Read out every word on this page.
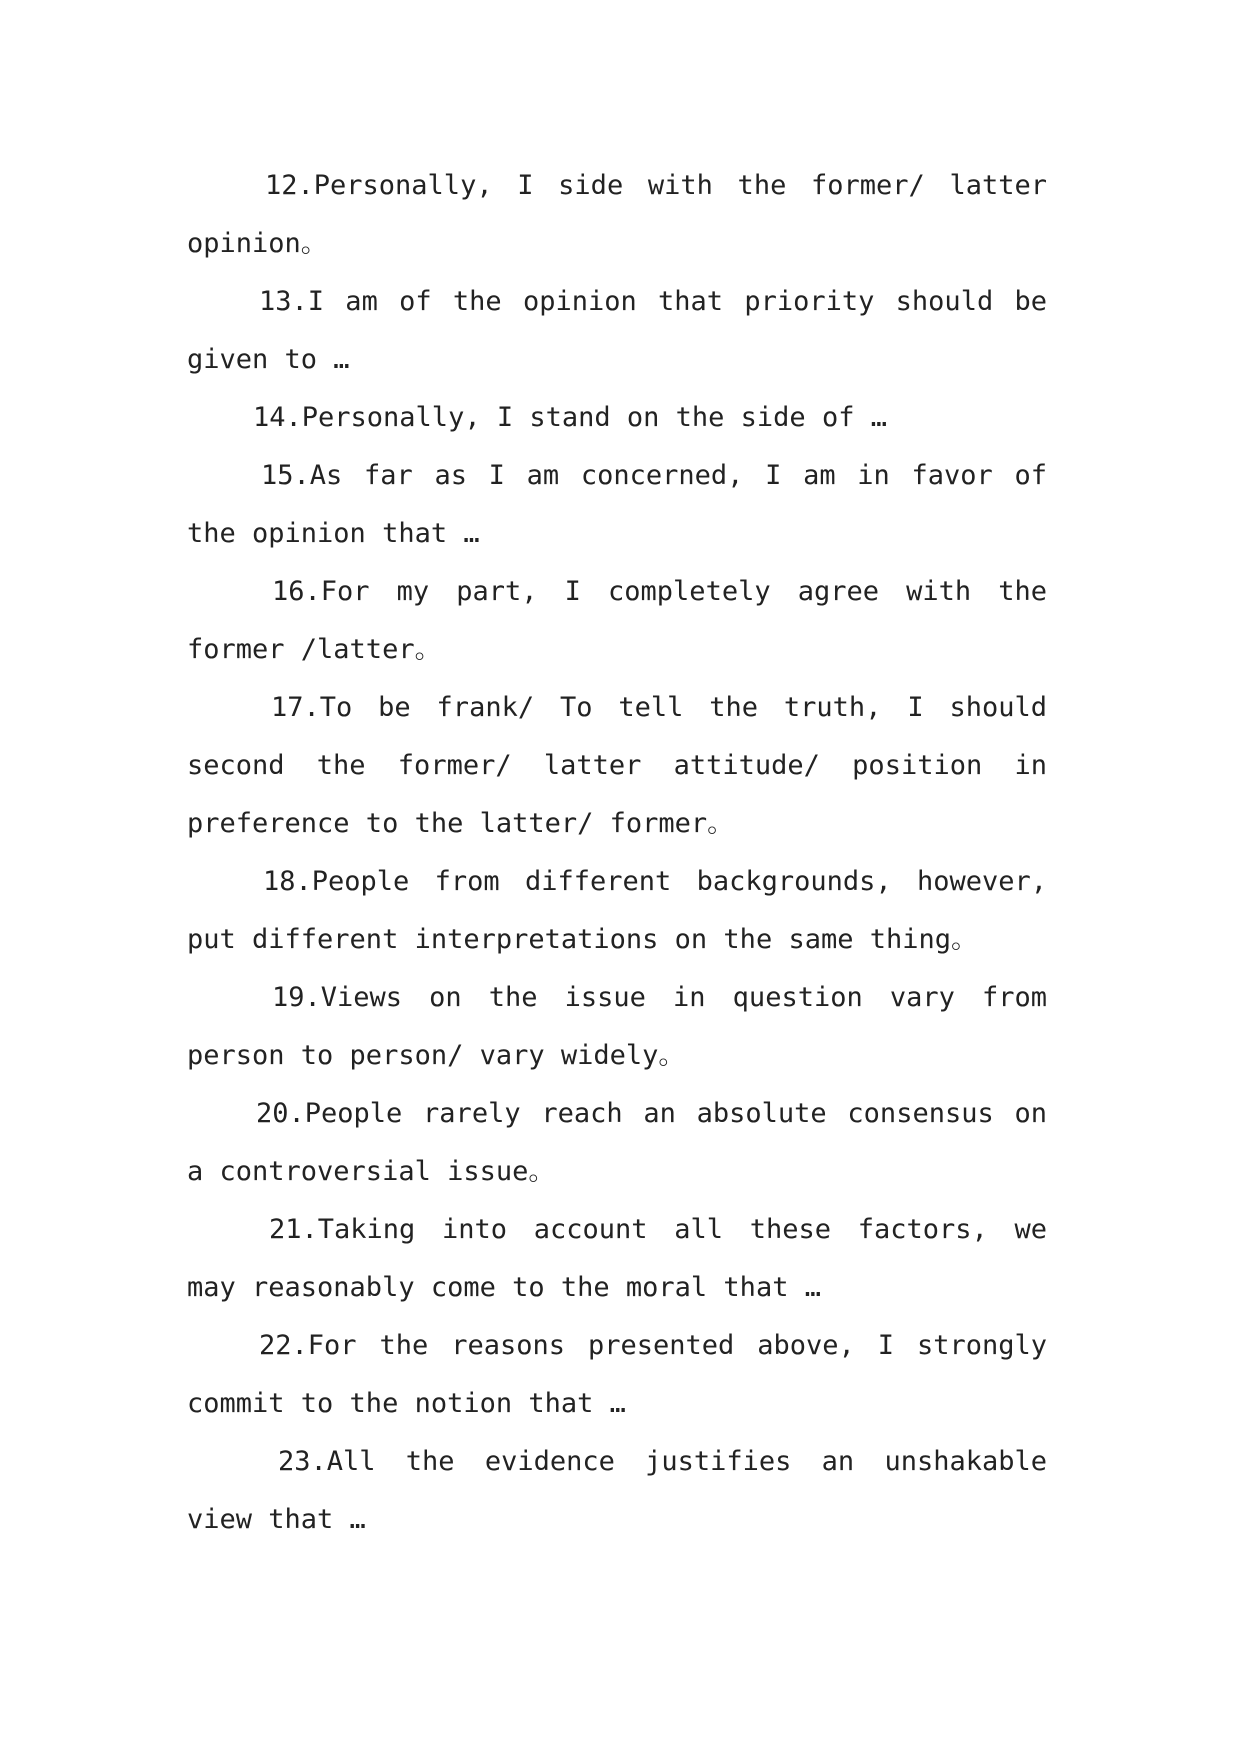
12.Personally, I side with the former/ latter opinion。

13.I am of the opinion that priority should be given to …

14.Personally, I stand on the side of …

15.As far as I am concerned, I am in favor of the opinion that …

16.For my part, I completely agree with the former /latter。

17.To be frank/ To tell the truth, I should second the former/ latter attitude/ position in preference to the latter/ former。

18.People from different backgrounds, however, put different interpretations on the same thing。

19.Views on the issue in question vary from person to person/ vary widely。

20.People rarely reach an absolute consensus on a controversial issue。

21.Taking into account all these factors, we may reasonably come to the moral that …

22.For the reasons presented above, I strongly commit to the notion that …

23.All the evidence justifies an unshakable view that …
